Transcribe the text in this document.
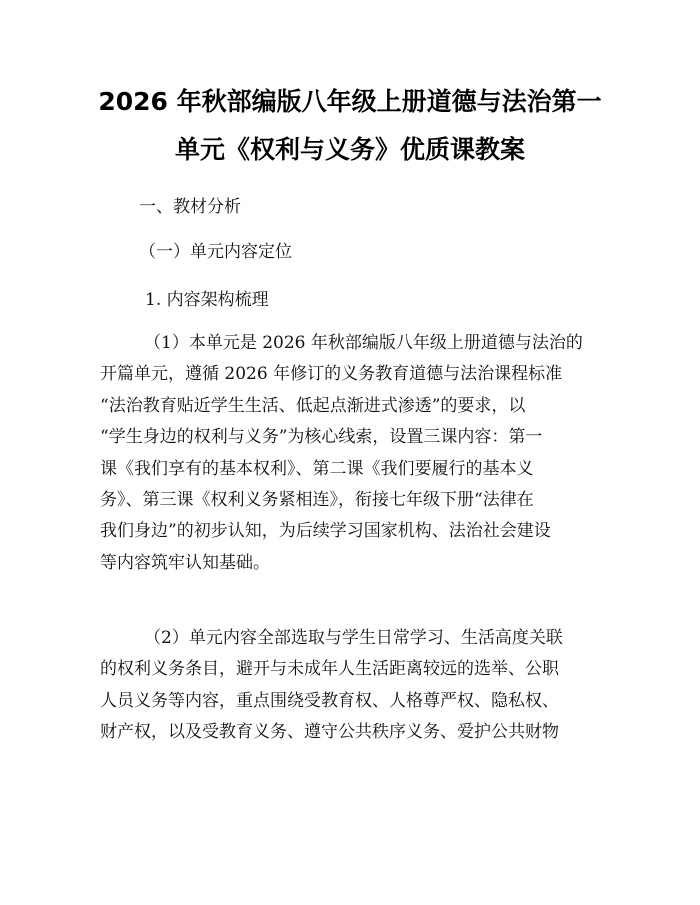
2026 年秋部编版八年级上册道德与法治第一
单元《权利与义务》优质课教案
一、教材分析
（一）单元内容定位
1. 内容架构梳理
（1）本单元是 2026 年秋部编版八年级上册道德与法治的
开篇单元，遵循 2026 年修订的义务教育道德与法治课程标准
“法治教育贴近学生生活、低起点渐进式渗透”的要求，以
“学生身边的权利与义务”为核心线索，设置三课内容：第一
课《我们享有的基本权利》、第二课《我们要履行的基本义
务》、第三课《权利义务紧相连》，衔接七年级下册“法律在
我们身边”的初步认知，为后续学习国家机构、法治社会建设
等内容筑牢认知基础。
（2）单元内容全部选取与学生日常学习、生活高度关联
的权利义务条目，避开与未成年人生活距离较远的选举、公职
人员义务等内容，重点围绕受教育权、人格尊严权、隐私权、
财产权，以及受教育义务、遵守公共秩序义务、爱护公共财物
